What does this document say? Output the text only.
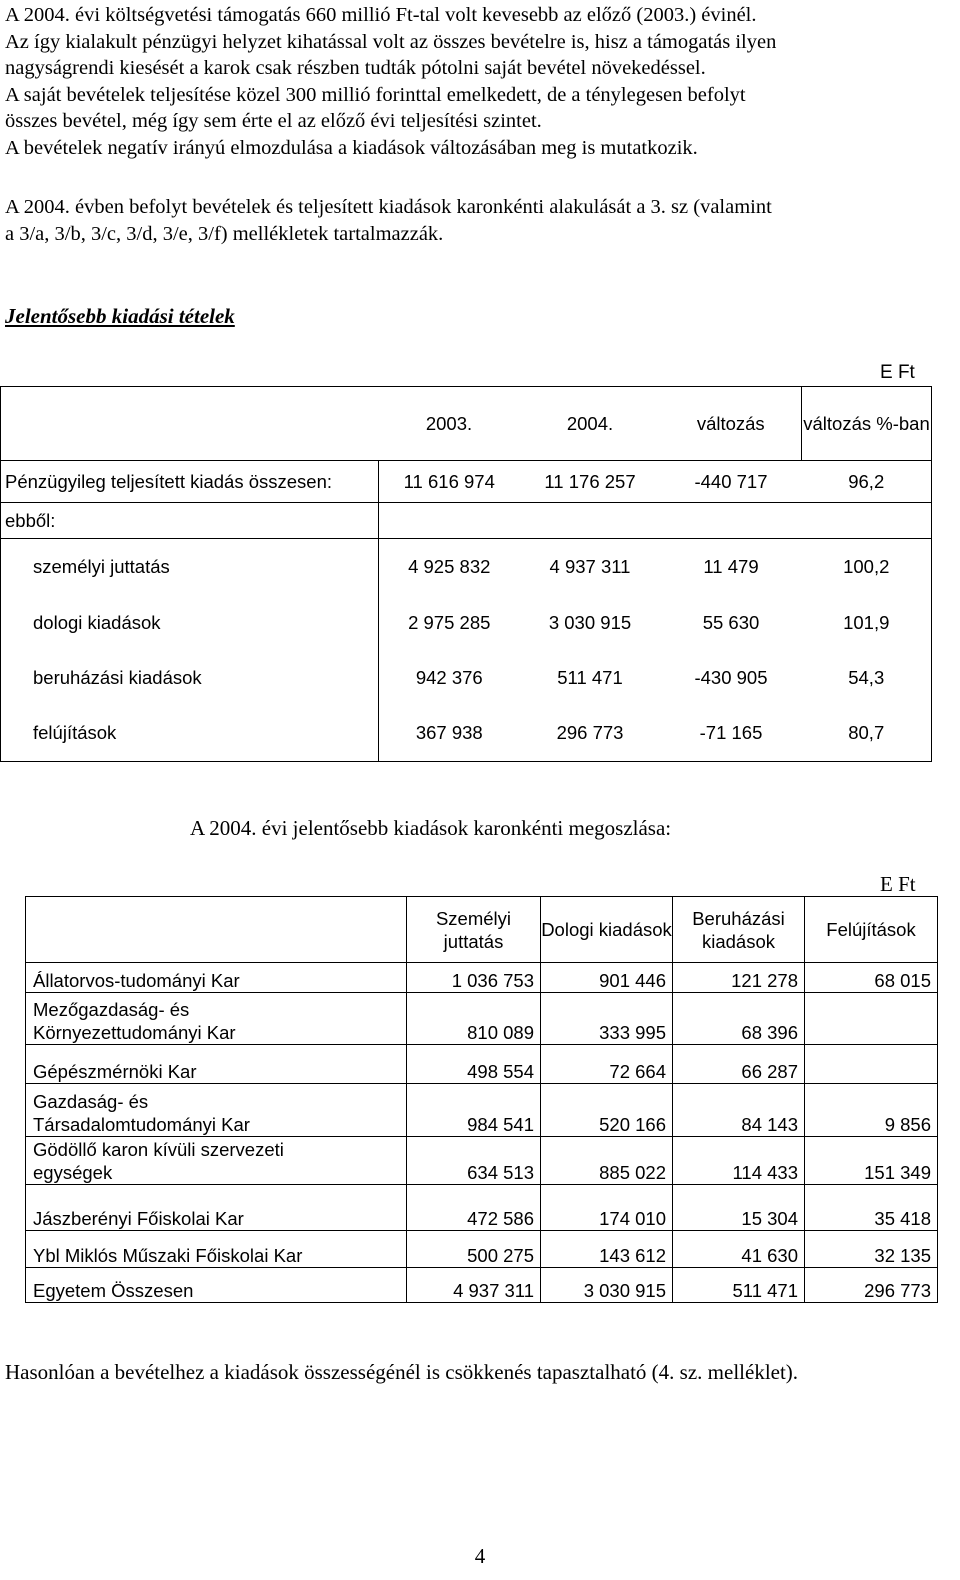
A 2004. évi költségvetési támogatás 660 millió Ft-tal volt kevesebb az előző (2003.) évinél.
Az így kialakult pénzügyi helyzet kihatással volt az összes bevételre is, hisz a támogatás ilyen
nagyságrendi kiesését a karok csak részben tudták pótolni saját bevétel növekedéssel.
A saját bevételek teljesítése közel 300 millió forinttal emelkedett, de a ténylegesen befolyt
összes bevétel, még így sem érte el az előző évi teljesítési szintet.
A bevételek negatív irányú elmozdulása a kiadások változásában meg is mutatkozik.
A 2004. évben befolyt bevételek és teljesített kiadások karonkénti alakulását a 3. sz (valamint
a 3/a, 3/b, 3/c, 3/d, 3/e, 3/f) mellékletek tartalmazzák.
Jelentősebb kiadási tételek
E Ft
	2003.	2004.	változás	változás %-ban
Pénzügyileg teljesített kiadás összesen:	11 616 974	11 176 257	-440 717	96,2
ebből:				
személyi juttatás	4 925 832	4 937 311	11 479	100,2
dologi kiadások	2 975 285	3 030 915	55 630	101,9
beruházási kiadások	942 376	511 471	-430 905	54,3
felújítások	367 938	296 773	-71 165	80,7
A 2004. évi jelentősebb kiadások karonkénti megoszlása:
E Ft
	Személyi juttatás	Dologi kiadások	Beruházási kiadások	Felújítások
Állatorvos-tudományi Kar	1 036 753	901 446	121 278	68 015
Mezőgazdaság- és Környezettudományi Kar	810 089	333 995	68 396	
Gépészmérnöki Kar	498 554	72 664	66 287	
Gazdaság- és Társadalomtudományi Kar	984 541	520 166	84 143	9 856
Gödöllő karon kívüli szervezeti egységek	634 513	885 022	114 433	151 349
Jászberényi Főiskolai Kar	472 586	174 010	15 304	35 418
Ybl Miklós Műszaki Főiskolai Kar	500 275	143 612	41 630	32 135
Egyetem Összesen	4 937 311	3 030 915	511 471	296 773
Hasonlóan a bevételhez a kiadások összességénél is csökkenés tapasztalható (4. sz. melléklet).
4
